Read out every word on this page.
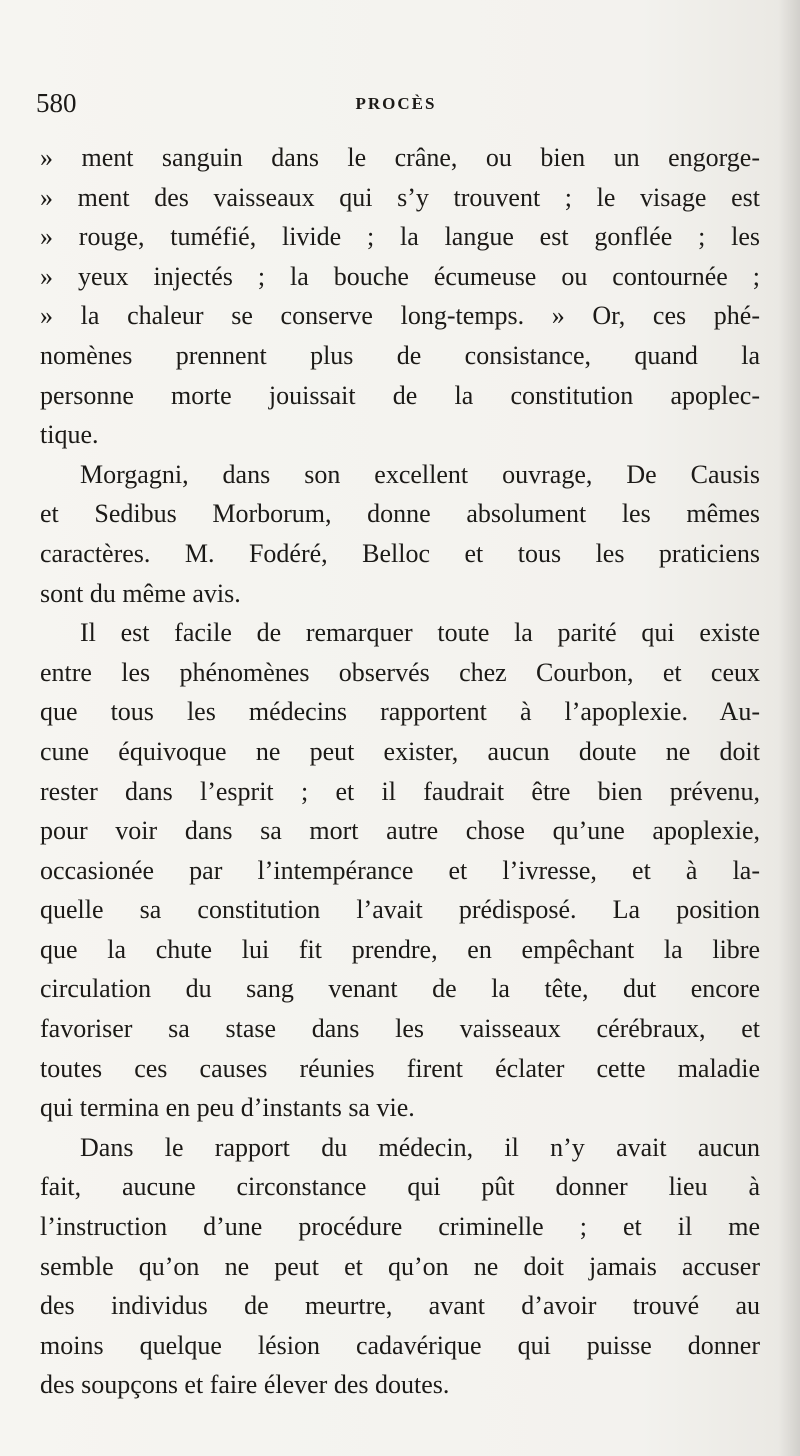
580	PROCÈS
» ment sanguin dans le crâne, ou bien un engorge-
» ment des vaisseaux qui s’y trouvent ; le visage est
» rouge, tuméfié, livide ; la langue est gonflée ; les
» yeux injectés ; la bouche écumeuse ou contournée ;
» la chaleur se conserve long-temps. » Or, ces phé-
nomènes prennent plus de consistance, quand la
personne morte jouissait de la constitution apoplec-
tique.
Morgagni, dans son excellent ouvrage, De Causis
et Sedibus Morborum, donne absolument les mêmes
caractères. M. Fodéré, Belloc et tous les praticiens
sont du même avis.
Il est facile de remarquer toute la parité qui existe
entre les phénomènes observés chez Courbon, et ceux
que tous les médecins rapportent à l’apoplexie. Au-
cune équivoque ne peut exister, aucun doute ne doit
rester dans l’esprit ; et il faudrait être bien prévenu,
pour voir dans sa mort autre chose qu’une apoplexie,
occasionée par l’intempérance et l’ivresse, et à la-
quelle sa constitution l’avait prédisposé. La position
que la chute lui fit prendre, en empêchant la libre
circulation du sang venant de la tête, dut encore
favoriser sa stase dans les vaisseaux cérébraux, et
toutes ces causes réunies firent éclater cette maladie
qui termina en peu d’instants sa vie.
Dans le rapport du médecin, il n’y avait aucun
fait, aucune circonstance qui pût donner lieu à
l’instruction d’une procédure criminelle ; et il me
semble qu’on ne peut et qu’on ne doit jamais accuser
des individus de meurtre, avant d’avoir trouvé au
moins quelque lésion cadavérique qui puisse donner
des soupçons et faire élever des doutes.
